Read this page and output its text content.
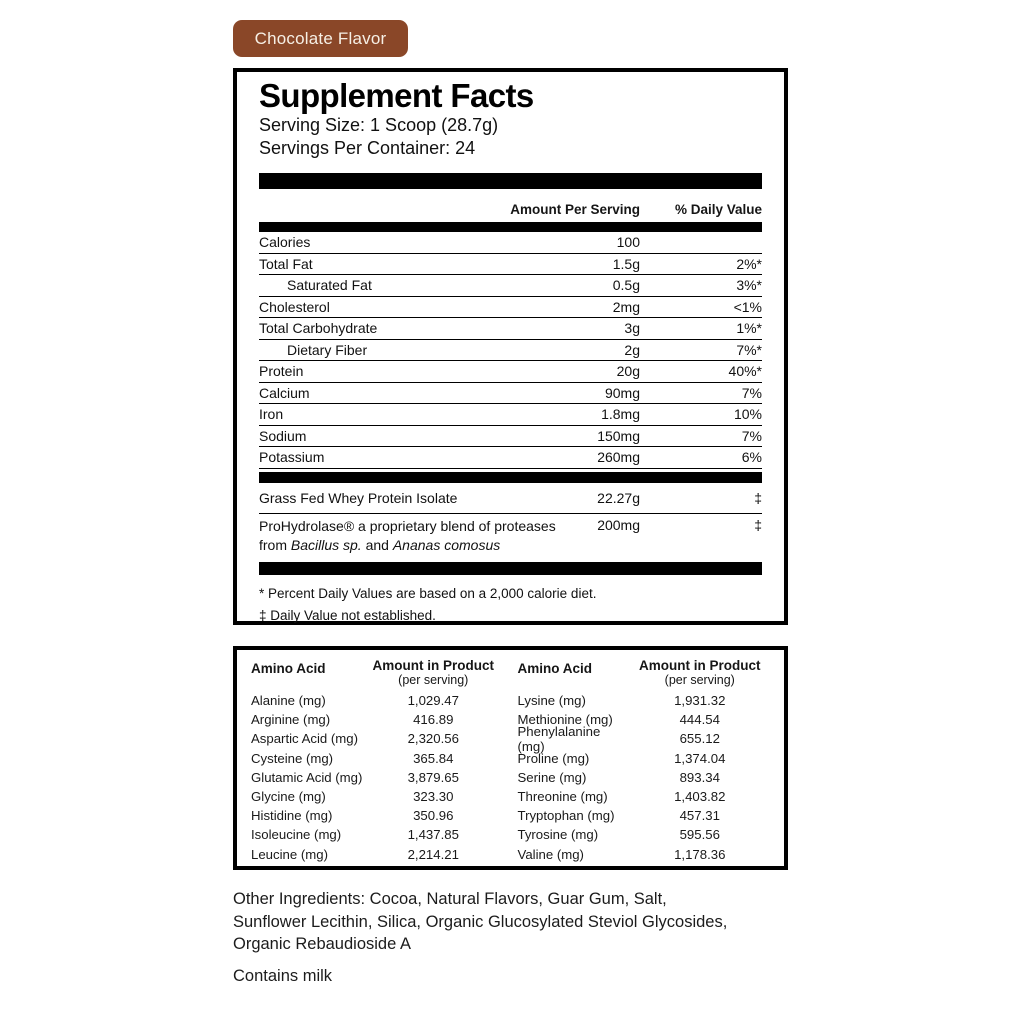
Chocolate Flavor
Supplement Facts
Serving Size: 1 Scoop (28.7g)
Servings Per Container: 24
Amount Per Serving	% Daily Value
Calories	100
Total Fat	1.5g	2%*
Saturated Fat	0.5g	3%*
Cholesterol	2mg	<1%
Total Carbohydrate	3g	1%*
Dietary Fiber	2g	7%*
Protein	20g	40%*
Calcium	90mg	7%
Iron	1.8mg	10%
Sodium	150mg	7%
Potassium	260mg	6%
Grass Fed Whey Protein Isolate	22.27g	‡
ProHydrolase® a proprietary blend of proteases
from Bacillus sp. and Ananas comosus
200mg	‡

* Percent Daily Values are based on a 2,000 calorie diet.

‡ Daily Value not established.

Amino Acid	Amount in Product
(per serving)
Alanine (mg)	1,029.47
Arginine (mg)	416.89
Aspartic Acid (mg)	2,320.56
Cysteine (mg)	365.84
Glutamic Acid (mg)	3,879.65
Glycine (mg)	323.30
Histidine (mg)	350.96
Isoleucine (mg)	1,437.85
Leucine (mg)	2,214.21
Amino Acid	Amount in Product
(per serving)
Lysine (mg)	1,931.32
Methionine (mg)	444.54
Phenylalanine (mg)	655.12
Proline (mg)	1,374.04
Serine (mg)	893.34
Threonine (mg)	1,403.82
Tryptophan (mg)	457.31
Tyrosine (mg)	595.56
Valine (mg)	1,178.36

Other Ingredients: Cocoa, Natural Flavors, Guar Gum, Salt,
Sunflower Lecithin, Silica, Organic Glucosylated Steviol Glycosides,
Organic Rebaudioside A

Contains milk
